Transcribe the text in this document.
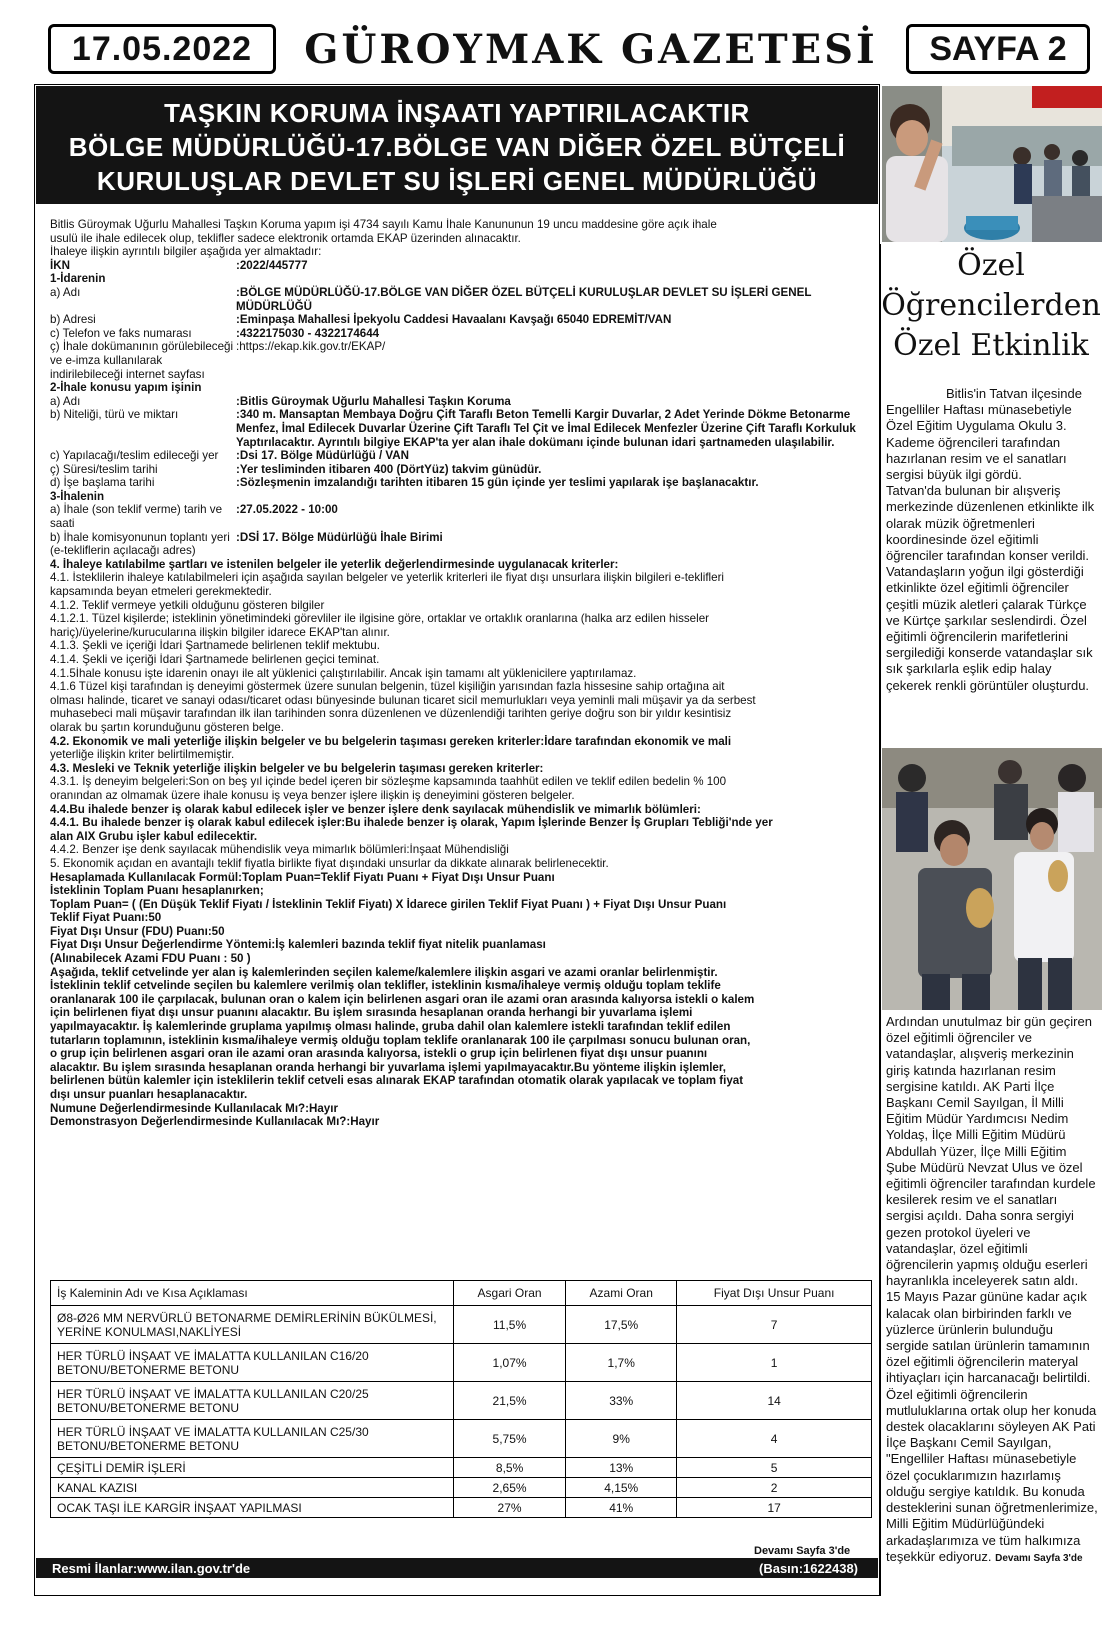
17.05.2022	GÜROYMAK GAZETESİ	SAYFA 2
TAŞKIN KORUMA İNŞAATI YAPTIRILACAKTIR
BÖLGE MÜDÜRLÜĞÜ-17.BÖLGE VAN DİĞER ÖZEL BÜTÇELİ
KURULUŞLAR DEVLET SU İŞLERİ GENEL MÜDÜRLÜĞÜ
Bitlis Güroymak Uğurlu Mahallesi Taşkın Koruma yapım işi 4734 sayılı Kamu İhale Kanununun 19 uncu maddesine göre açık ihale
usulü ile ihale edilecek olup, teklifler sadece elektronik ortamda EKAP üzerinden alınacaktır.
İhaleye ilişkin ayrıntılı bilgiler aşağıda yer almaktadır:
İKN	:2022/445777
1-İdarenin
a) Adı	:BÖLGE MÜDÜRLÜĞÜ-17.BÖLGE VAN DİĞER ÖZEL BÜTÇELİ KURULUŞLAR DEVLET SU İŞLERİ GENEL MÜDÜRLÜĞÜ
b) Adresi	:Eminpaşa Mahallesi İpekyolu Caddesi Havaalanı Kavşağı 65040 EDREMİT/VAN
c) Telefon ve faks numarası	:4322175030 - 4322174644
ç) İhale dokümanının görülebileceği ve e-imza kullanılarak indirilebileceği internet sayfası
:https://ekap.kik.gov.tr/EKAP/
2-İhale konusu yapım işinin
a) Adı	:Bitlis Güroymak Uğurlu Mahallesi Taşkın Koruma
b) Niteliği, türü ve miktarı	:340 m. Mansaptan Membaya Doğru Çift Taraflı Beton Temelli Kargir Duvarlar, 2 Adet Yerinde Dökme Betonarme Menfez, İmal Edilecek Duvarlar Üzerine Çift Taraflı Tel Çit ve İmal Edilecek Menfezler Üzerine Çift Taraflı Korkuluk Yaptırılacaktır. Ayrıntılı bilgiye EKAP'ta yer alan ihale dokümanı içinde bulunan idari şartnameden ulaşılabilir.
c) Yapılacağı/teslim edileceği yer	:Dsi 17. Bölge Müdürlüğü / VAN
ç) Süresi/teslim tarihi	:Yer tesliminden itibaren 400 (DörtYüz) takvim günüdür.
d) İşe başlama tarihi	:Sözleşmenin imzalandığı tarihten itibaren 15 gün içinde yer teslimi yapılarak işe başlanacaktır.
3-İhalenin
a) İhale (son teklif verme) tarih ve saati
:27.05.2022 - 10:00
b) İhale komisyonunun toplantı yeri (e-tekliflerin açılacağı adres)
:DSİ 17. Bölge Müdürlüğü İhale Birimi
4. İhaleye katılabilme şartları ve istenilen belgeler ile yeterlik değerlendirmesinde uygulanacak kriterler:
4.1. İsteklilerin ihaleye katılabilmeleri için aşağıda sayılan belgeler ve yeterlik kriterleri ile fiyat dışı unsurlara ilişkin bilgileri e-teklifleri
kapsamında beyan etmeleri gerekmektedir.
4.1.2. Teklif vermeye yetkili olduğunu gösteren bilgiler
4.1.2.1. Tüzel kişilerde; isteklinin yönetimindeki görevliler ile ilgisine göre, ortaklar ve ortaklık oranlarına (halka arz edilen hisseler
hariç)/üyelerine/kurucularına ilişkin bilgiler idarece EKAP'tan alınır.
4.1.3. Şekli ve içeriği İdari Şartnamede belirlenen teklif mektubu.
4.1.4. Şekli ve içeriği İdari Şartnamede belirlenen geçici teminat.
4.1.5İhale konusu işte idarenin onayı ile alt yüklenici çalıştırılabilir. Ancak işin tamamı alt yüklenicilere yaptırılamaz.
4.1.6 Tüzel kişi tarafından iş deneyimi göstermek üzere sunulan belgenin, tüzel kişiliğin yarısından fazla hissesine sahip ortağına ait
olması halinde, ticaret ve sanayi odası/ticaret odası bünyesinde bulunan ticaret sicil memurlukları veya yeminli mali müşavir ya da serbest
muhasebeci mali müşavir tarafından ilk ilan tarihinden sonra düzenlenen ve düzenlendiği tarihten geriye doğru son bir yıldır kesintisiz
olarak bu şartın korunduğunu gösteren belge.
4.2. Ekonomik ve mali yeterliğe ilişkin belgeler ve bu belgelerin taşıması gereken kriterler:İdare tarafından ekonomik ve mali
yeterliğe ilişkin kriter belirtilmemiştir.
4.3. Mesleki ve Teknik yeterliğe ilişkin belgeler ve bu belgelerin taşıması gereken kriterler:
4.3.1. İş deneyim belgeleri:Son on beş yıl içinde bedel içeren bir sözleşme kapsamında taahhüt edilen ve teklif edilen bedelin % 100
oranından az olmamak üzere ihale konusu iş veya benzer işlere ilişkin iş deneyimini gösteren belgeler.
4.4.Bu ihalede benzer iş olarak kabul edilecek işler ve benzer işlere denk sayılacak mühendislik ve mimarlık bölümleri:
4.4.1. Bu ihalede benzer iş olarak kabul edilecek işler:Bu ihalede benzer iş olarak, Yapım İşlerinde Benzer İş Grupları Tebliği'nde yer
alan AIX Grubu işler kabul edilecektir.
4.4.2. Benzer işe denk sayılacak mühendislik veya mimarlık bölümleri:İnşaat Mühendisliği
5. Ekonomik açıdan en avantajlı teklif fiyatla birlikte fiyat dışındaki unsurlar da dikkate alınarak belirlenecektir.
Hesaplamada Kullanılacak Formül:Toplam Puan=Teklif Fiyatı Puanı + Fiyat Dışı Unsur Puanı
İsteklinin Toplam Puanı hesaplanırken;
Toplam Puan= ( (En Düşük Teklif Fiyatı / İsteklinin Teklif Fiyatı) X İdarece girilen Teklif Fiyat Puanı ) + Fiyat Dışı Unsur Puanı
Teklif Fiyat Puanı:50
Fiyat Dışı Unsur (FDU) Puanı:50
Fiyat Dışı Unsur Değerlendirme Yöntemi:İş kalemleri bazında teklif fiyat nitelik puanlaması
(Alınabilecek Azami FDU Puanı : 50 )
Aşağıda, teklif cetvelinde yer alan iş kalemlerinden seçilen kaleme/kalemlere ilişkin asgari ve azami oranlar belirlenmiştir.
İsteklinin teklif cetvelinde seçilen bu kalemlere verilmiş olan teklifler, isteklinin kısma/ihaleye vermiş olduğu toplam teklife
oranlanarak 100 ile çarpılacak, bulunan oran o kalem için belirlenen asgari oran ile azami oran arasında kalıyorsa istekli o kalem
için belirlenen fiyat dışı unsur puanını alacaktır. Bu işlem sırasında hesaplanan oranda herhangi bir yuvarlama işlemi
yapılmayacaktır. İş kalemlerinde gruplama yapılmış olması halinde, gruba dahil olan kalemlere istekli tarafından teklif edilen
tutarların toplamının, isteklinin kısma/ihaleye vermiş olduğu toplam teklife oranlanarak 100 ile çarpılması sonucu bulunan oran,
o grup için belirlenen asgari oran ile azami oran arasında kalıyorsa, istekli o grup için belirlenen fiyat dışı unsur puanını
alacaktır. Bu işlem sırasında hesaplanan oranda herhangi bir yuvarlama işlemi yapılmayacaktır.Bu yönteme ilişkin işlemler,
belirlenen bütün kalemler için isteklilerin teklif cetveli esas alınarak EKAP tarafından otomatik olarak yapılacak ve toplam fiyat
dışı unsur puanları hesaplanacaktır.
Numune Değerlendirmesinde Kullanılacak Mı?:Hayır
Demonstrasyon Değerlendirmesinde Kullanılacak Mı?:Hayır
İş Kaleminin Adı ve Kısa Açıklaması	Asgari Oran	Azami Oran	Fiyat Dışı Unsur Puanı
Ø8-Ø26 MM NERVÜRLÜ BETONARME DEMİRLERİNİN BÜKÜLMESİ, YERİNE KONULMASI,NAKLİYESİ	11,5%	17,5%	7
HER TÜRLÜ İNŞAAT VE İMALATTA KULLANILAN C16/20 BETONU/BETONERME BETONU	1,07%	1,7%	1
HER TÜRLÜ İNŞAAT VE İMALATTA KULLANILAN C20/25 BETONU/BETONERME BETONU	21,5%	33%	14
HER TÜRLÜ İNŞAAT VE İMALATTA KULLANILAN C25/30 BETONU/BETONERME BETONU	5,75%	9%	4
ÇEŞİTLİ DEMİR İŞLERİ	8,5%	13%	5
KANAL KAZISI	2,65%	4,15%	2
OCAK TAŞI İLE KARGİR İNŞAAT YAPILMASI	27%	41%	17
Devamı Sayfa 3'de
Resmi İlanlar:www.ilan.gov.tr'de	(Basın:1622438)
Özel
Öğrencilerden
Özel Etkinlik

Bitlis'in Tatvan ilçesinde Engelliler Haftası münasebetiyle Özel Eğitim Uygulama Okulu 3. Kademe öğrencileri tarafından hazırlanan resim ve el sanatları sergisi büyük ilgi gördü.

Tatvan'da bulunan bir alışveriş merkezinde düzenlenen etkinlikte ilk olarak müzik öğretmenleri koordinesinde özel eğitimli öğrenciler tarafından konser verildi. Vatandaşların yoğun ilgi gösterdiği etkinlikte özel eğitimli öğrenciler çeşitli müzik aletleri çalarak Türkçe ve Kürtçe şarkılar seslendirdi. Özel eğitimli öğrencilerin marifetlerini sergilediği konserde vatandaşlar sık sık şarkılarla eşlik edip halay çekerek renkli görüntüler oluşturdu.

Ardından unutulmaz bir gün geçiren özel eğitimli öğrenciler ve vatandaşlar, alışveriş merkezinin giriş katında hazırlanan resim sergisine katıldı. AK Parti İlçe Başkanı Cemil Sayılgan, İl Milli Eğitim Müdür Yardımcısı Nedim Yoldaş, İlçe Milli Eğitim Müdürü Abdullah Yüzer, İlçe Milli Eğitim Şube Müdürü Nevzat Ulus ve özel eğitimli öğrenciler tarafından kurdele kesilerek resim ve el sanatları sergisi açıldı. Daha sonra sergiyi gezen protokol üyeleri ve vatandaşlar, özel eğitimli öğrencilerin yapmış olduğu eserleri hayranlıkla inceleyerek satın aldı.

15 Mayıs Pazar gününe kadar açık kalacak olan birbirinden farklı ve yüzlerce ürünlerin bulunduğu sergide satılan ürünlerin tamamının özel eğitimli öğrencilerin materyal ihtiyaçları için harcanacağı belirtildi.

Özel eğitimli öğrencilerin mutluluklarına ortak olup her konuda destek olacaklarını söyleyen AK Pati İlçe Başkanı Cemil Sayılgan, "Engelliler Haftası münasebetiyle özel çocuklarımızın hazırlamış olduğu sergiye katıldık. Bu konuda desteklerini sunan öğretmenlerimize, Milli Eğitim Müdürlüğündeki arkadaşlarımıza ve tüm halkımıza teşekkür ediyoruz. Devamı Sayfa 3'de
